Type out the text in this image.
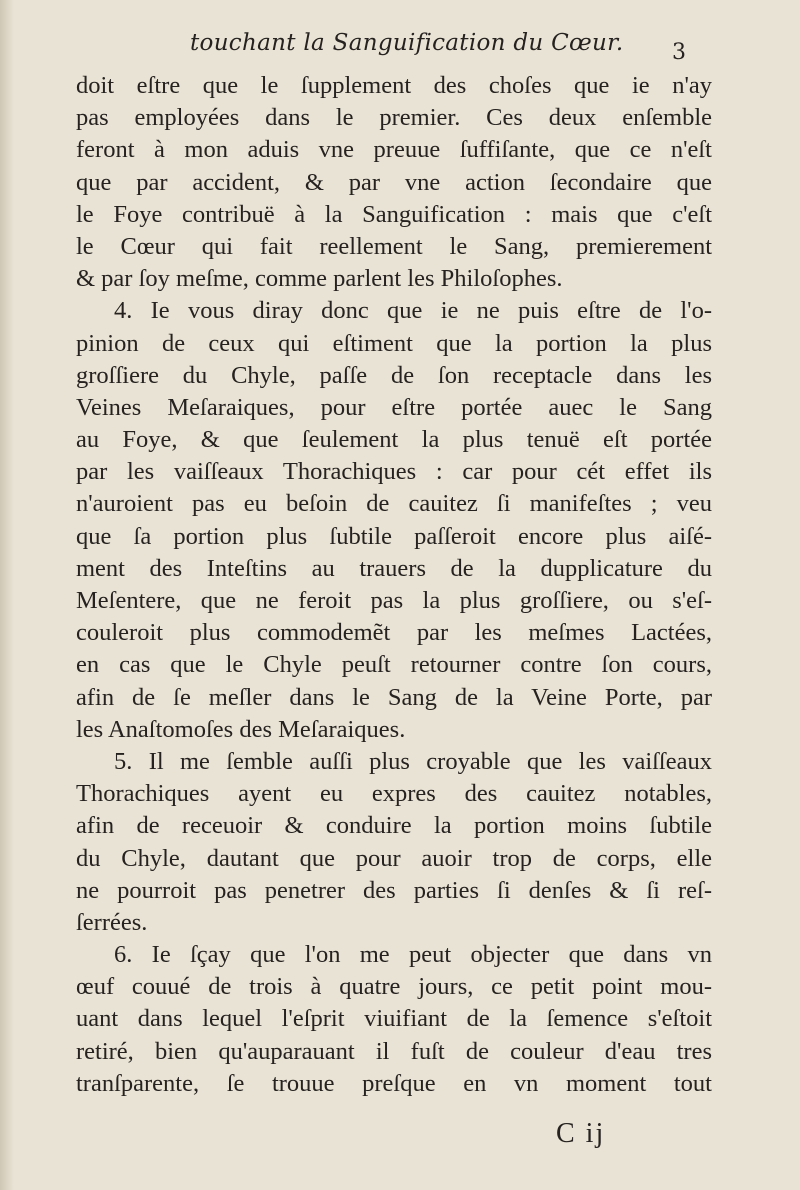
touchant la Sanguification du Cœur. 3
doit eſtre que le ſupplement des choſes que ie n'ay
pas employées dans le premier. Ces deux enſemble
feront à mon aduis vne preuue ſuffiſante, que ce n'eſt
que par accident, & par vne action ſecondaire que
le Foye contribuë à la Sanguification : mais que c'eſt
le Cœur qui fait reellement le Sang, premierement
& par ſoy meſme, comme parlent les Philoſophes.
4. Ie vous diray donc que ie ne puis eſtre de l'o-
pinion de ceux qui eſtiment que la portion la plus
groſſiere du Chyle, paſſe de ſon receptacle dans les
Veines Meſaraiques, pour eſtre portée auec le Sang
au Foye, & que ſeulement la plus tenuë eſt portée
par les vaiſſeaux Thorachiques : car pour cét effet ils
n'auroient pas eu beſoin de cauitez ſi manifeſtes ; veu
que ſa portion plus ſubtile paſſeroit encore plus aiſé-
ment des Inteſtins au trauers de la dupplicature du
Meſentere, que ne feroit pas la plus groſſiere, ou s'eſ-
couleroit plus commodemẽt par les meſmes Lactées,
en cas que le Chyle peuſt retourner contre ſon cours,
afin de ſe meſler dans le Sang de la Veine Porte, par
les Anaſtomoſes des Meſaraiques.
5. Il me ſemble auſſi plus croyable que les vaiſſeaux
Thorachiques ayent eu expres des cauitez notables,
afin de receuoir & conduire la portion moins ſubtile
du Chyle, dautant que pour auoir trop de corps, elle
ne pourroit pas penetrer des parties ſi denſes & ſi reſ-
ſerrées.
6. Ie ſçay que l'on me peut objecter que dans vn
œuf couué de trois à quatre jours, ce petit point mou-
uant dans lequel l'eſprit viuifiant de la ſemence s'eſtoit
retiré, bien qu'auparauant il fuſt de couleur d'eau tres
tranſparente, ſe trouue preſque en vn moment tout
C ij
